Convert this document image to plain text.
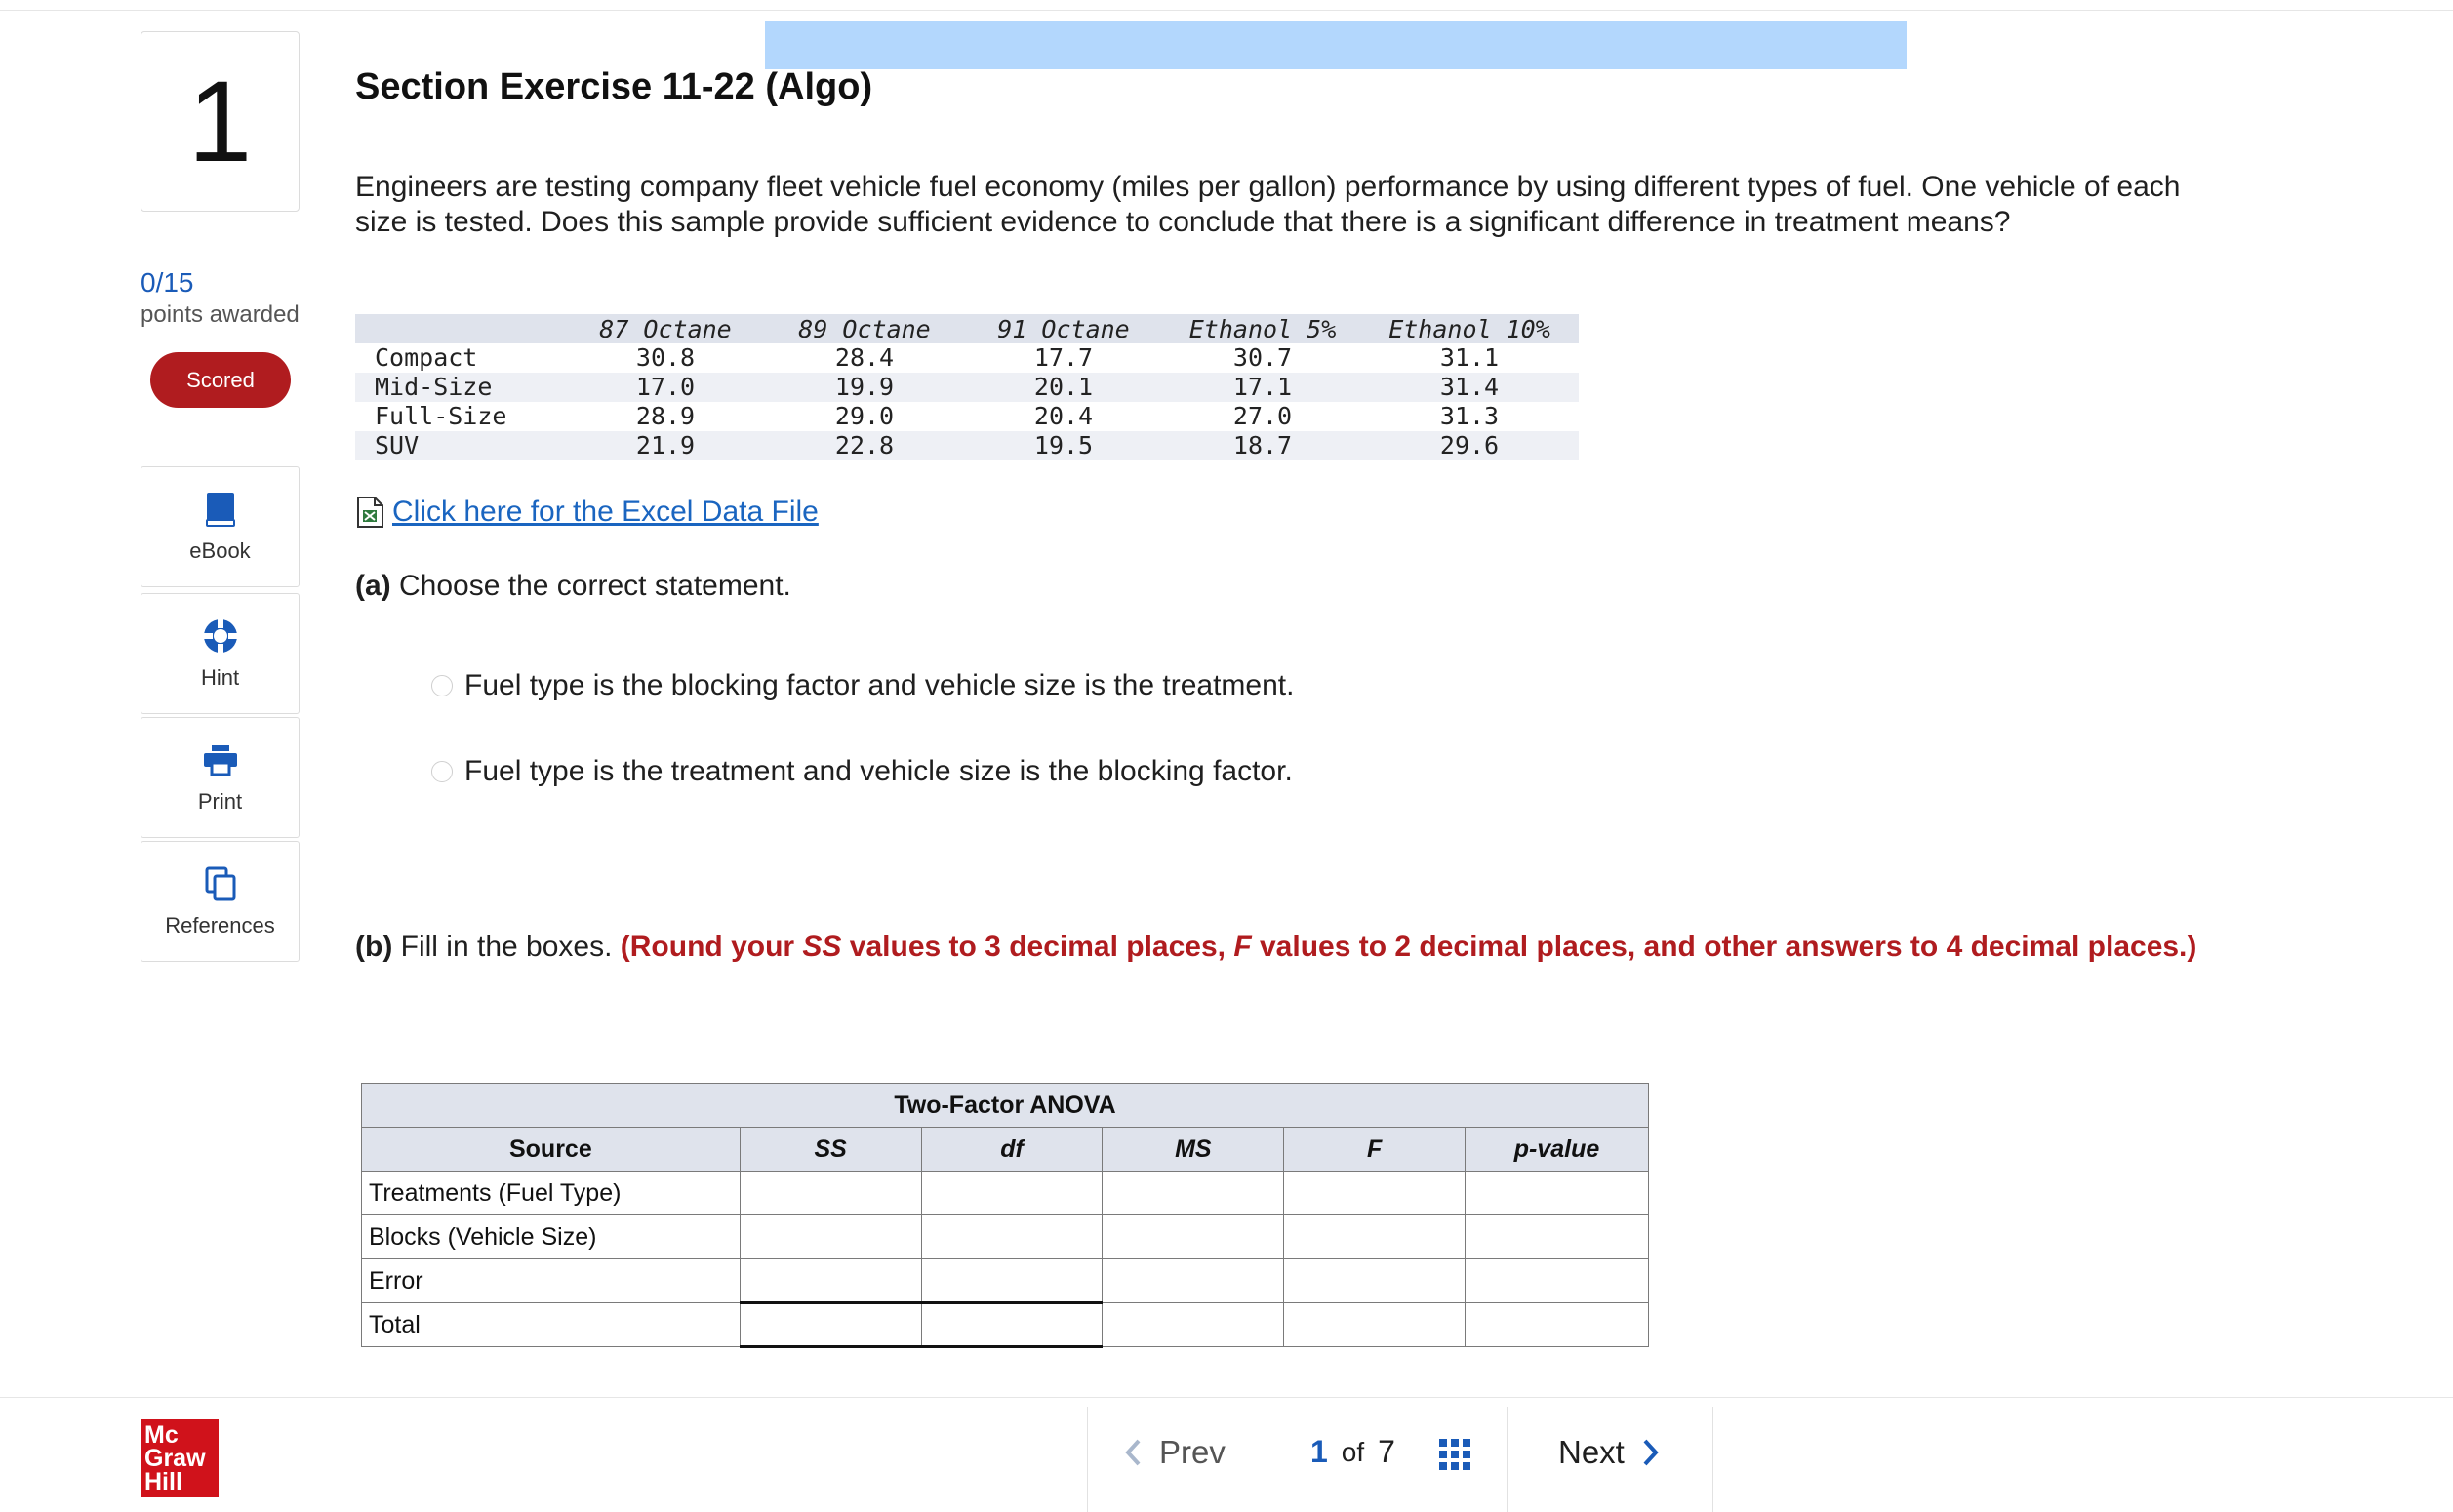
1
0/15
points awarded
Scored
eBook
Hint
Print
References
Section Exercise 11-22 (Algo)
Engineers are testing company fleet vehicle fuel economy (miles per gallon) performance by using different types of fuel. One vehicle of each size is tested. Does this sample provide sufficient evidence to conclude that there is a significant difference in treatment means?
	87 Octane	89 Octane	91 Octane	Ethanol 5%	Ethanol 10%
Compact	30.8	28.4	17.7	30.7	31.1
Mid-Size	17.0	19.9	20.1	17.1	31.4
Full-Size	28.9	29.0	20.4	27.0	31.3
SUV	21.9	22.8	19.5	18.7	29.6
Click here for the Excel Data File
(a) Choose the correct statement.
Fuel type is the blocking factor and vehicle size is the treatment.
Fuel type is the treatment and vehicle size is the blocking factor.
(b) Fill in the boxes. (Round your SS values to 3 decimal places, F values to 2 decimal places, and other answers to 4 decimal places.)
Two-Factor ANOVA					
Source	SS	df	MS	F	p-value
Treatments (Fuel Type)					
Blocks (Vehicle Size)					
Error					
Total					
Mc
Graw
Hill
Prev	1 of 7	Next
